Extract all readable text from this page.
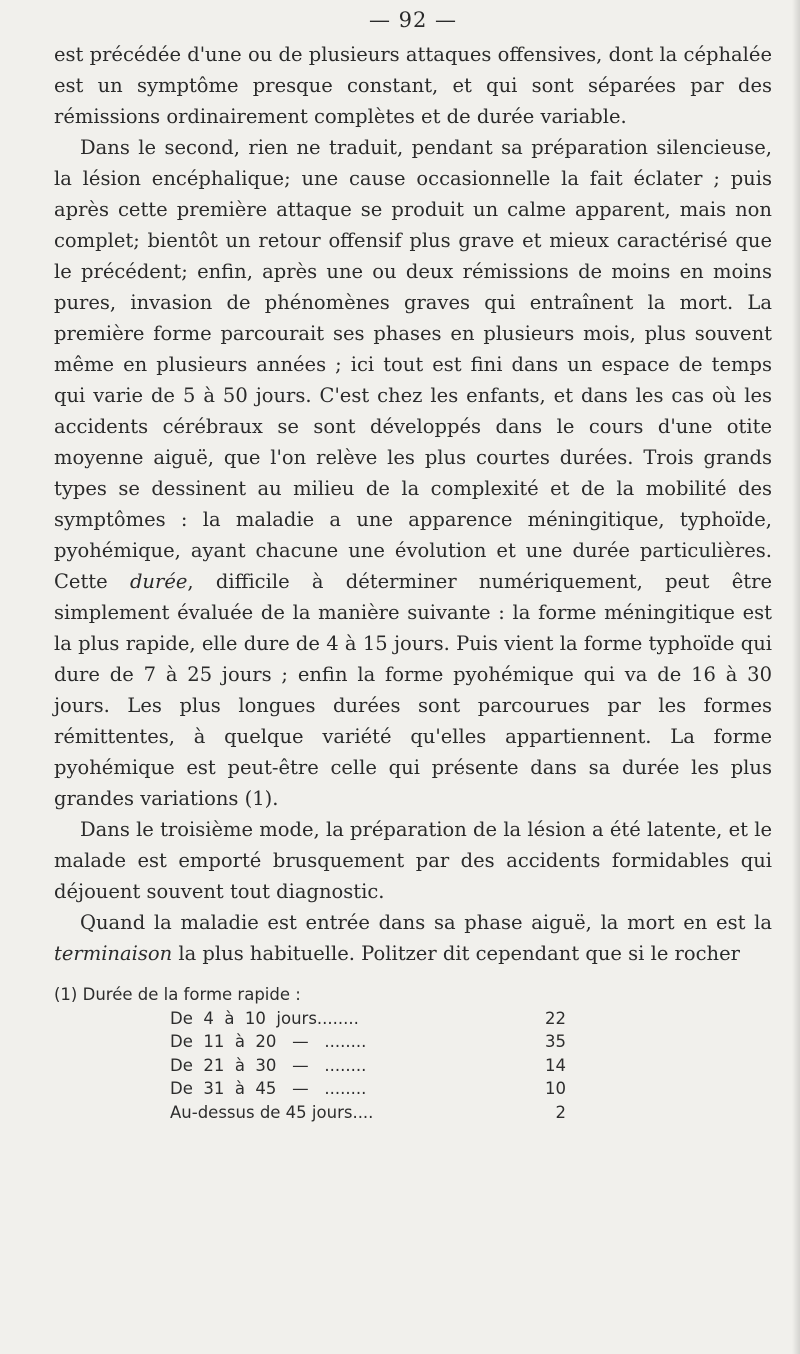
— 92 —

est précédée d'une ou de plusieurs attaques offensives, dont la céphalée est un symptôme presque constant, et qui sont séparées par des rémissions ordinairement complètes et de durée variable.

Dans le second, rien ne traduit, pendant sa préparation silencieuse, la lésion encéphalique; une cause occasionnelle la fait éclater ; puis après cette première attaque se produit un calme apparent, mais non complet; bientôt un retour offensif plus grave et mieux caractérisé que le précédent; enfin, après une ou deux rémissions de moins en moins pures, invasion de phénomènes graves qui entraînent la mort. La première forme parcourait ses phases en plusieurs mois, plus souvent même en plusieurs années ; ici tout est fini dans un espace de temps qui varie de 5 à 50 jours. C'est chez les enfants, et dans les cas où les accidents cérébraux se sont développés dans le cours d'une otite moyenne aiguë, que l'on relève les plus courtes durées. Trois grands types se dessinent au milieu de la complexité et de la mobilité des symptômes : la maladie a une apparence méningitique, typhoïde, pyohémique, ayant chacune une évolution et une durée particulières. Cette durée, difficile à déterminer numériquement, peut être simplement évaluée de la manière suivante : la forme méningitique est la plus rapide, elle dure de 4 à 15 jours. Puis vient la forme typhoïde qui dure de 7 à 25 jours ; enfin la forme pyohémique qui va de 16 à 30 jours. Les plus longues durées sont parcourues par les formes rémittentes, à quelque variété qu'elles appartiennent. La forme pyohémique est peut-être celle qui présente dans sa durée les plus grandes variations (1).

Dans le troisième mode, la préparation de la lésion a été latente, et le malade est emporté brusquement par des accidents formidables qui déjouent souvent tout diagnostic.

Quand la maladie est entrée dans sa phase aiguë, la mort en est la terminaison la plus habituelle. Politzer dit cependant que si le rocher

(1) Durée de la forme rapide :
De  4  à  10  jours........	22
De  11  à  20   —   ........	35
De  21  à  30   —   ........	14
De  31  à  45   —   ........	10
Au-dessus de 45 jours....	2
